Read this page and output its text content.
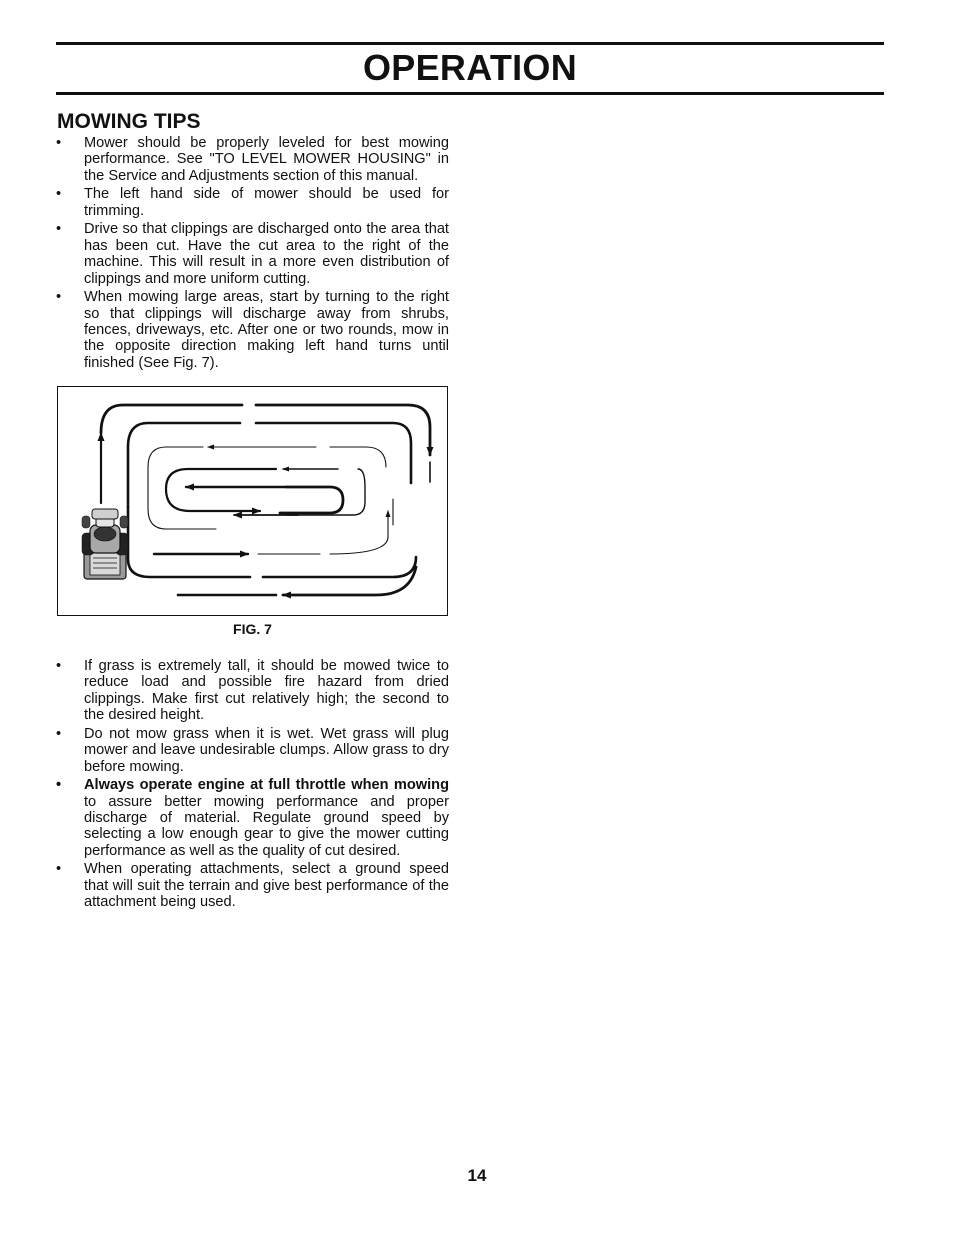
OPERATION
MOWING TIPS
• Mower should be properly leveled for best mowing performance. See "TO LEVEL MOWER HOUSING" in the Service and Adjustments section of this manual.
• The left hand side of mower should be used for trimming.
• Drive so that clippings are discharged onto the area that has been cut. Have the cut area to the right of the machine. This will result in a more even distribution of clippings and more uniform cutting.
• When mowing large areas, start by turning to the right so that clippings will discharge away from shrubs, fences, driveways, etc. After one or two rounds, mow in the opposite direction making left hand turns until finished (See Fig. 7).
FIG. 7
• If grass is extremely tall, it should be mowed twice to reduce load and possible fire hazard from dried clippings. Make first cut relatively high; the second to the desired height.
• Do not mow grass when it is wet. Wet grass will plug mower and leave undesirable clumps. Allow grass to dry before mowing.
• Always operate engine at full throttle when mowing to assure better mowing performance and proper discharge of material. Regulate ground speed by selecting a low enough gear to give the mower cutting performance as well as the quality of cut desired.
• When operating attachments, select a ground speed that will suit the terrain and give best performance of the attachment being used.
14
